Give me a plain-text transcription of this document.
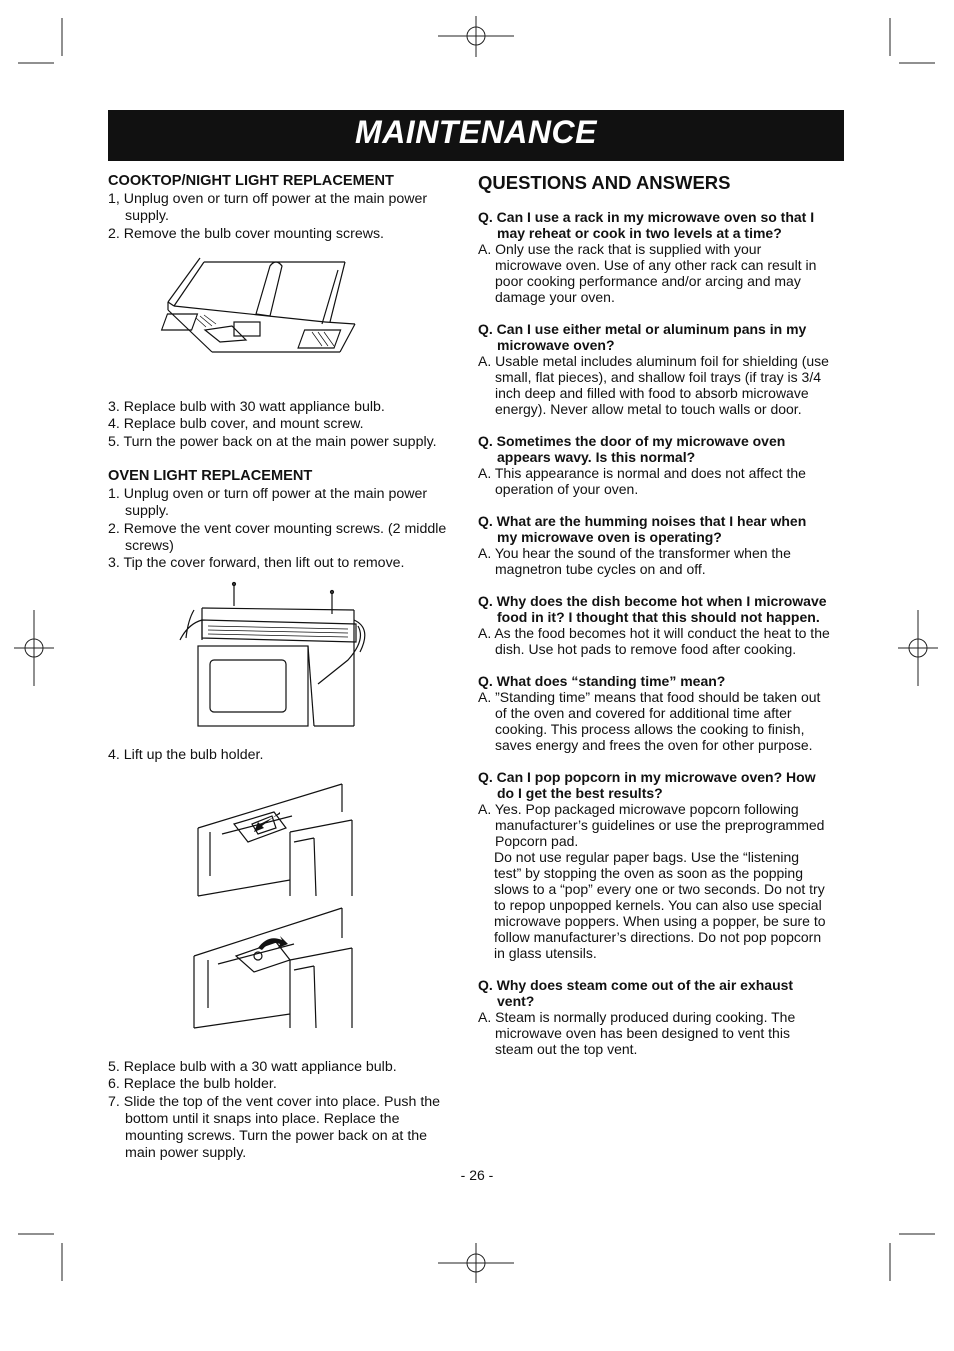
MAINTENANCE
COOKTOP/NIGHT LIGHT REPLACEMENT

1, Unplug oven or turn off power at the main power supply.

2. Remove the bulb cover mounting screws.

3. Replace bulb with 30 watt appliance bulb.

4. Replace bulb cover, and mount screw.

5. Turn the power back on at the main power supply.

OVEN LIGHT REPLACEMENT

1. Unplug oven or turn off power at the main power supply.

2. Remove the vent cover mounting screws. (2 middle screws)

3. Tip the cover forward, then lift out to remove.

4. Lift up the bulb holder.

5. Replace bulb with a 30 watt appliance bulb.

6. Replace the bulb holder.

7. Slide the top of the vent cover into place. Push the bottom until it snaps into place. Replace the mounting screws. Turn the power back on at the main power supply.

QUESTIONS AND ANSWERS

Q. Can I use a rack in my microwave oven so that I may reheat or cook in two levels at a time?

A. Only use the rack that is supplied with your microwave oven. Use of any other rack can result in poor cooking performance and/or arcing and may damage your oven.

Q. Can I use either metal or aluminum pans in my microwave oven?

A. Usable metal includes aluminum foil for shielding (use small, flat pieces), and shallow foil trays (if tray is 3/4 inch deep and filled with food to absorb microwave energy). Never allow metal to touch walls or door.

Q. Sometimes the door of my microwave oven appears wavy. Is this normal?

A. This appearance is normal and does not affect the operation of your oven.

Q. What are the humming noises that I hear when my microwave oven is operating?

A. You hear the sound of the transformer when the magnetron tube cycles on and off.

Q. Why does the dish become hot when I microwave food in it? I thought that this should not happen.

A. As the food becomes hot it will conduct the heat to the dish. Use hot pads to remove food after cooking.

Q. What does “standing time” mean?

A. ”Standing time” means that food should be taken out of the oven and covered for additional time after cooking. This process allows the cooking to finish, saves energy and frees the oven for other purpose.

Q. Can I pop popcorn in my microwave oven? How do I get the best results?

A. Yes. Pop packaged microwave popcorn following manufacturer’s guidelines or use the preprogrammed Popcorn pad.

Do not use regular paper bags. Use the “listening test” by stopping the oven as soon as the popping slows to a “pop” every one or two seconds. Do not try to repop unpopped kernels. You can also use special microwave poppers. When using a popper, be sure to follow manufacturer’s directions. Do not pop popcorn in glass utensils.

Q. Why does steam come out of the air exhaust vent?

A. Steam is normally produced during cooking. The microwave oven has been designed to vent this steam out the top vent.

- 26 -
